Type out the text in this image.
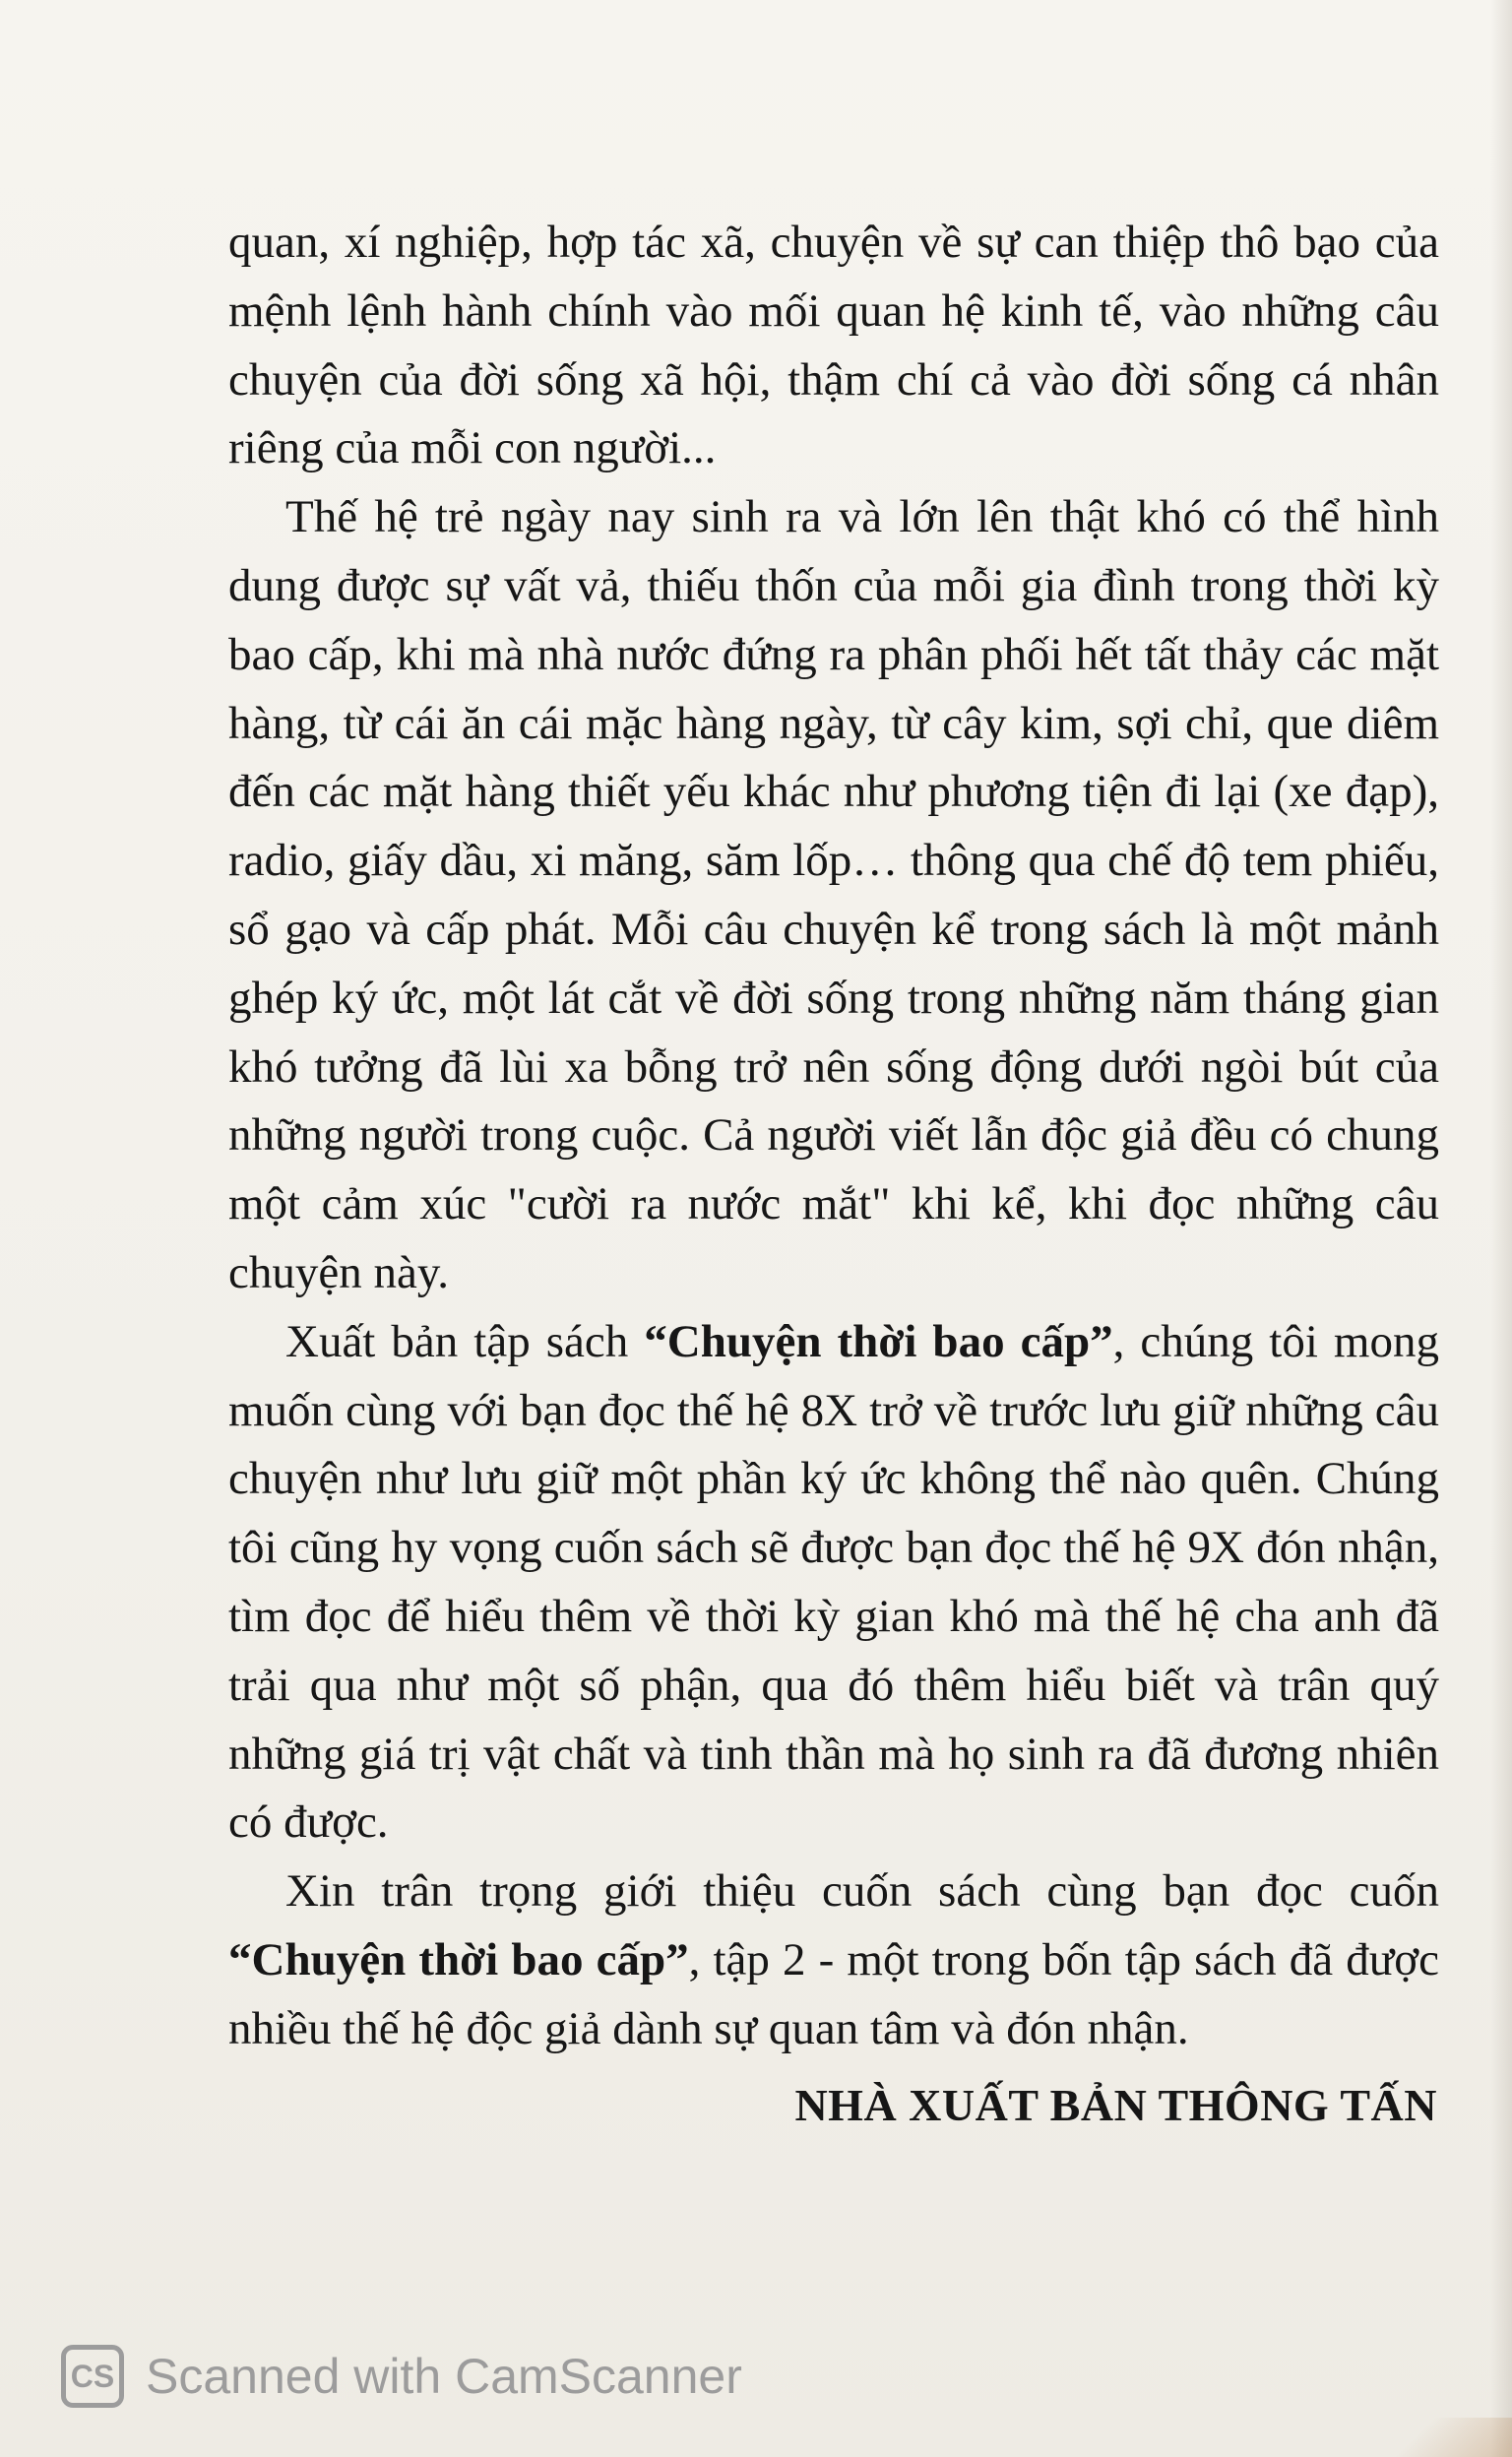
quan, xí nghiệp, hợp tác xã, chuyện về sự can thiệp thô bạo của mệnh lệnh hành chính vào mối quan hệ kinh tế, vào những câu chuyện của đời sống xã hội, thậm chí cả vào đời sống cá nhân riêng của mỗi con người...

Thế hệ trẻ ngày nay sinh ra và lớn lên thật khó có thể hình dung được sự vất vả, thiếu thốn của mỗi gia đình trong thời kỳ bao cấp, khi mà nhà nước đứng ra phân phối hết tất thảy các mặt hàng, từ cái ăn cái mặc hàng ngày, từ cây kim, sợi chỉ, que diêm đến các mặt hàng thiết yếu khác như phương tiện đi lại (xe đạp), radio, giấy dầu, xi măng, săm lốp… thông qua chế độ tem phiếu, sổ gạo và cấp phát. Mỗi câu chuyện kể trong sách là một mảnh ghép ký ức, một lát cắt về đời sống trong những năm tháng gian khó tưởng đã lùi xa bỗng trở nên sống động dưới ngòi bút của những người trong cuộc. Cả người viết lẫn độc giả đều có chung một cảm xúc "cười ra nước mắt" khi kể, khi đọc những câu chuyện này.

Xuất bản tập sách “Chuyện thời bao cấp”, chúng tôi mong muốn cùng với bạn đọc thế hệ 8X trở về trước lưu giữ những câu chuyện như lưu giữ một phần ký ức không thể nào quên. Chúng tôi cũng hy vọng cuốn sách sẽ được bạn đọc thế hệ 9X đón nhận, tìm đọc để hiểu thêm về thời kỳ gian khó mà thế hệ cha anh đã trải qua như một số phận, qua đó thêm hiểu biết và trân quý những giá trị vật chất và tinh thần mà họ sinh ra đã đương nhiên có được.

Xin trân trọng giới thiệu cuốn sách cùng bạn đọc cuốn “Chuyện thời bao cấp”, tập 2 - một trong bốn tập sách đã được nhiều thế hệ độc giả dành sự quan tâm và đón nhận.

NHÀ XUẤT BẢN THÔNG TẤN
CS Scanned with CamScanner
